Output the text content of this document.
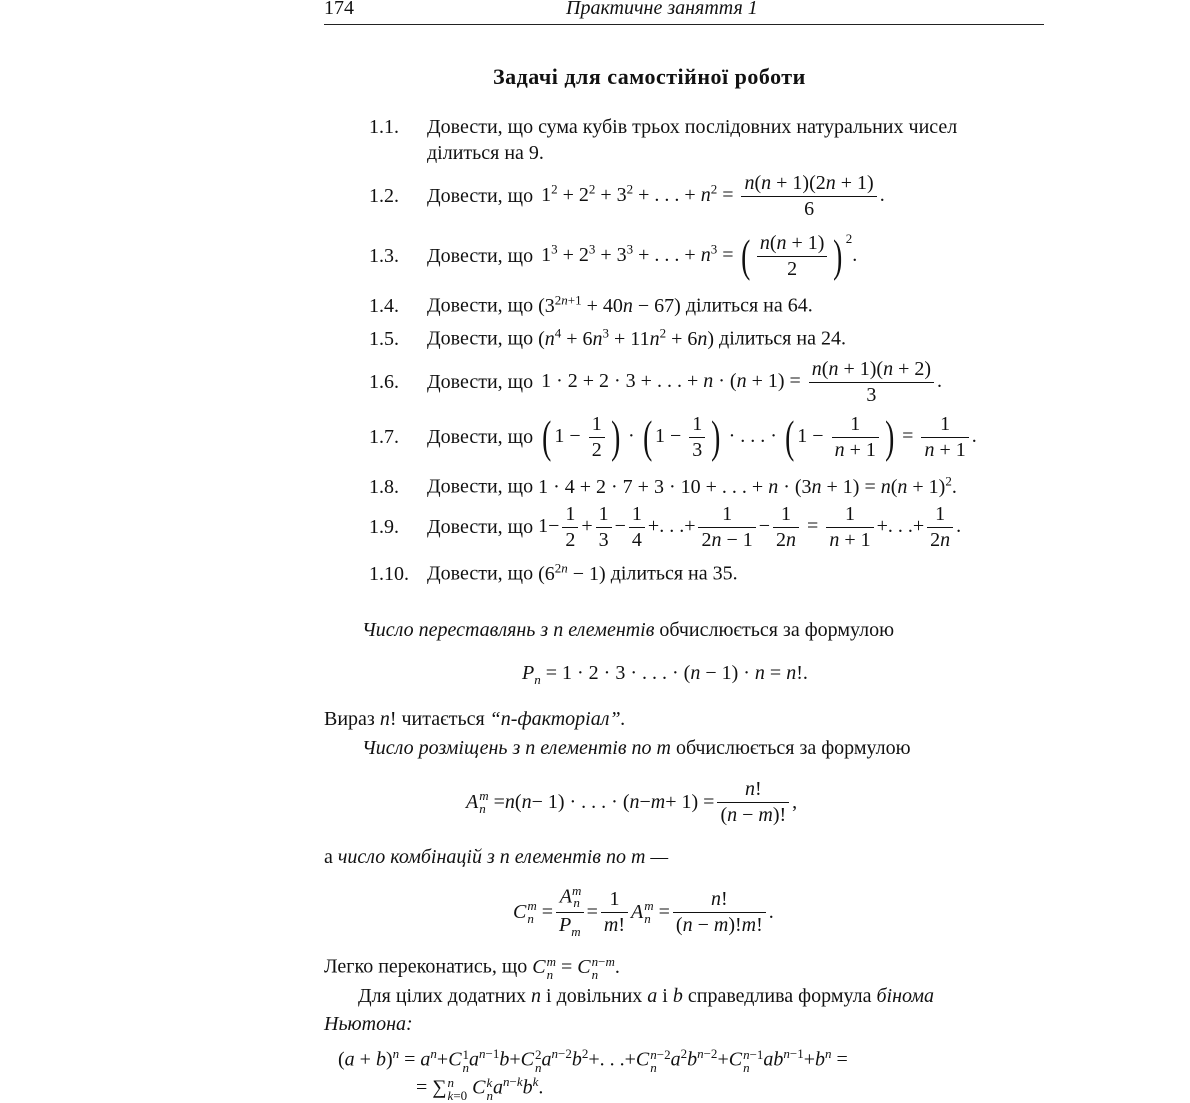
174	Практичне заняття 1
Задачі для самостійної роботи
1.1. Довести, що сума кубів трьох послідовних натуральних чисел
ділиться на 9.
1.2.	Довести, що $1^2 + 2^2 + 3^2$ + . . . + $n^2 = \frac{n(n + 1)(2n + 1)}{6}$ .
1.3.	Довести, що $1^3 + 2^3 + 3^3$ + . . . + $n^3$ = ( $\frac{n(n + 1)}{2}$ ) $^2$.
1.4. Довести, що $(3^{2n+1} + 40n - 67)$ ділиться на 64.
1.5. Довести, що $(n^4 + 6n^3 + 11n^2 + 6n)$ ділиться на 24.
1.6.	Довести, що 1 · 2 + 2 · 3 + . . . + $n \cdot (n + 1) = \frac{n(n + 1)(n + 2)}{3}$ .
1.7.	Довести, що ( $1 - \frac{1}{2}$ ) · ( $1 - \frac{1}{3}$ ) · . . . · ( $1 - \frac{1}{n + 1}$ ) = $\frac{1}{n + 1}$ .
1.8. Довести, що 1 · 4 + 2 · 7 + 3 · 10 + . . . + $n \cdot (3n + 1) = n(n + 1)^2$.
1.9.	Довести, що $1- \frac{1}{2} + \frac{1}{3} - \frac{1}{4}$ +. . .+ $\frac{1}{2n - 1} - \frac{1}{2n} = \frac{1}{n + 1}$ +. . .+ $\frac{1}{2n}$ .
1.10. Довести, що $(6^{2n} - 1)$ ділиться на 35.
Число переставлянь з n елементів обчислюється за формулою
$P_n = 1 \cdot 2 \cdot 3$ · . . . · (n − 1) · n = n!.
Вираз n! читається “n-факторіал”.
Число розміщень з n елементів по m обчислюється за формулою
A m
n = n ( n − 1) · . . . · ( $n - m + 1) = \frac{n!}{(n - m)!}$ ,
а число комбінацій з n елементів по m —
C m
$n = \frac{A^m_n}{P_m} = \frac{1}{m!}$ A m
$n = \frac{n!}{(n - m)!m!}$ .
Легко переконатись, що C m
n = C n−m
n .
Для цілих додатних n і довільних a і b справедлива формула бінома
Ньютона:
$(a + b)^n = a^n+C$ 1
n $a^{n-1}b+C$ 2
n $a^{n-2}b^2+$. . .+C n−2
n $a^2b^{n-2}+C$ n−1
n $ab^{n-1}+b^n$ =
= ∑ n
k=0 C k
n $a^{n-k}b^k$.
